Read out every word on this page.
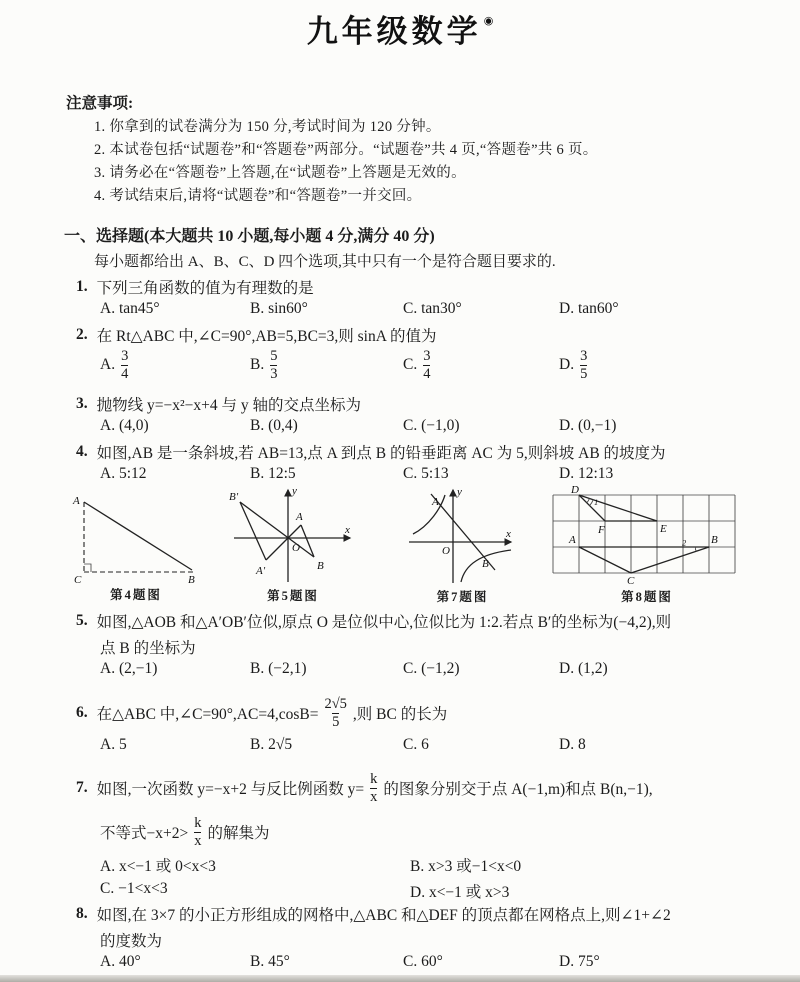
九年级数学 ◉
注意事项:
1. 你拿到的试卷满分为 150 分,考试时间为 120 分钟。
2. 本试卷包括“试题卷”和“答题卷”两部分。“试题卷”共 4 页,“答题卷”共 6 页。
3. 请务必在“答题卷”上答题,在“试题卷”上答题是无效的。
4. 考试结束后,请将“试题卷”和“答题卷”一并交回。
一、选择题(本大题共 10 小题,每小题 4 分,满分 40 分)
每小题都给出 A、B、C、D 四个选项,其中只有一个是符合题目要求的.
1. 下列三角函数的值为有理数的是
A. tan45°	B. sin60°	C. tan30°	D. tan60°
2. 在 Rt△ABC 中,∠C=90°,AB=5,BC=3,则 sinA 的值为
A. $\frac{3}{4}$	B. $\frac{5}{3}$	C. $\frac{3}{4}$	D. $\frac{3}{5}$
3. 抛物线 y=−x²−x+4 与 y 轴的交点坐标为
A. (4,0)	B. (0,4)	C. (−1,0)	D. (0,−1)
4. 如图,AB 是一条斜坡,若 AB=13,点 A 到点 B 的铅垂距离 AC 为 5,则斜坡 AB 的坡度为
A. 5:12	B. 12:5	C. 5:13	D. 12:13
A
C	B
第4题图
B′
A
O
A′	B
y
x
第5题图
A
O
B
y
x
第7题图
1
2
D
F	E
A	B
C
第8题图
5. 如图,△AOB 和△A′OB′位似,原点 O 是位似中心,位似比为 1:2.若点 B′的坐标为(−4,2),则
点 B 的坐标为
A. (2,−1)	B. (−2,1)	C. (−1,2)	D. (1,2)
6. 在△ABC 中,∠C=90°,AC=4,cosB= $\frac{2√5}{5}$ ,则 BC 的长为
A. 5	B. 2√5	C. 6	D. 8
7. 如图,一次函数 y=−x+2 与反比例函数 $y= \frac{k}{x}$ 的图象分别交于点 A(−1,m)和点 B(n,−1),
不等式$-x+2> \frac{k}{x}$ 的解集为
A. x<−1 或 0<x<3	B. x>3 或−1<x<0
C. −1<x<3	D. x<−1 或 x>3
8. 如图,在 3×7 的小正方形组成的网格中,△ABC 和△DEF 的顶点都在网格点上,则∠1+∠2
的度数为
A. 40°	B. 45°	C. 60°	D. 75°
